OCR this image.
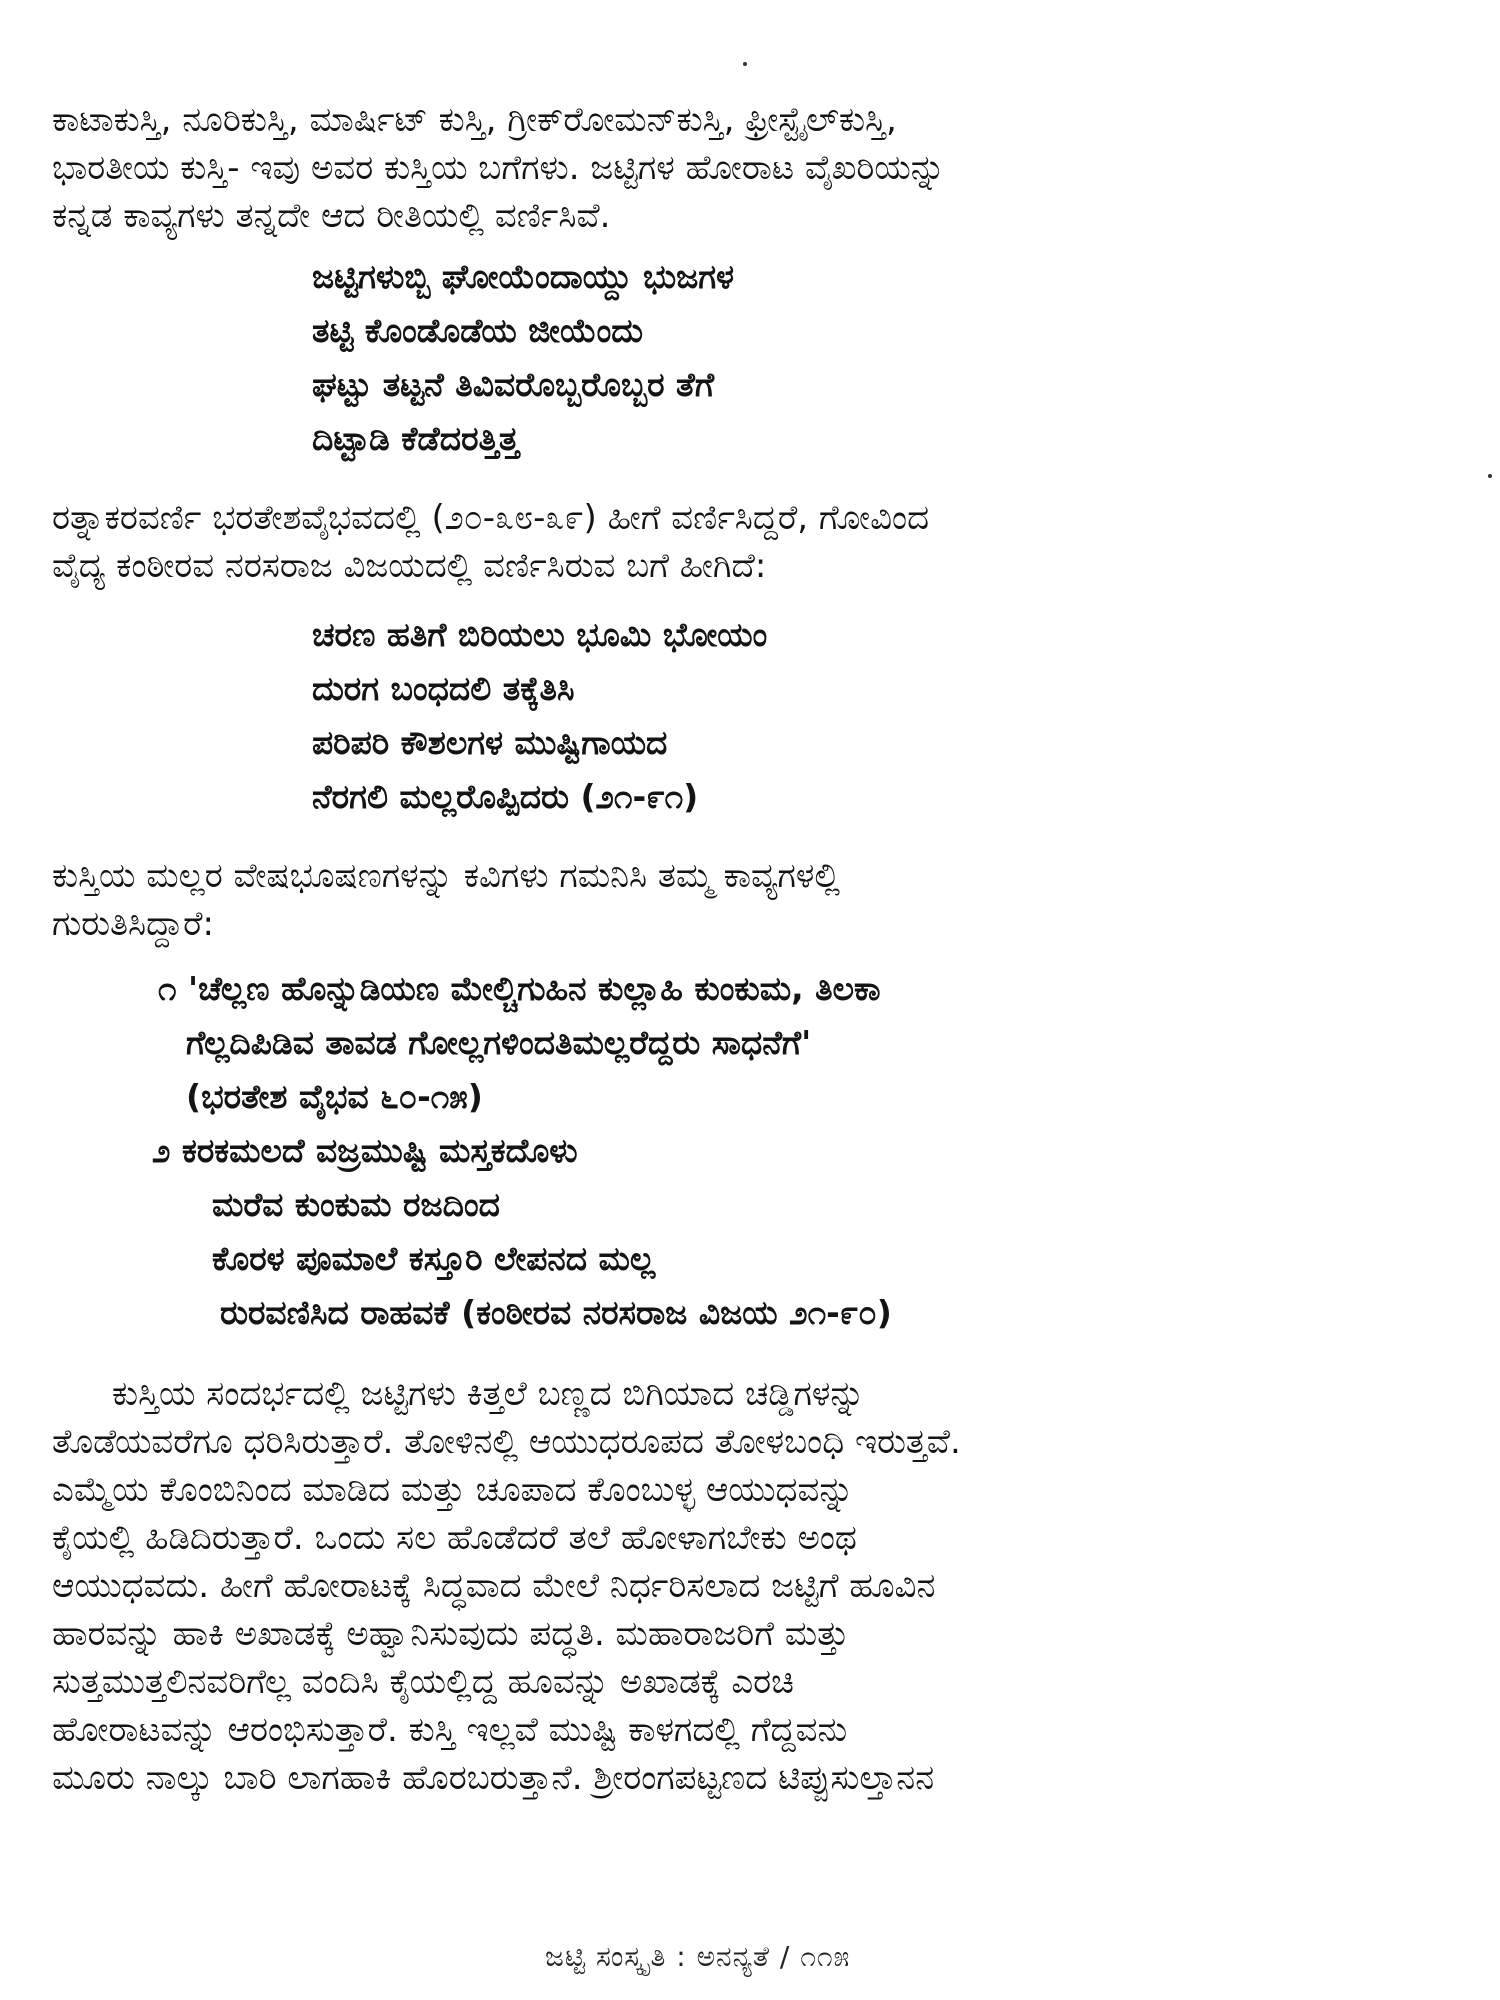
ಕಾಟಾಕುಸ್ತಿ, ನೂರಿಕುಸ್ತಿ, ಮಾರ್ಷಿಟ್ ಕುಸ್ತಿ, ಗ್ರೀಕ್‌ರೋಮನ್‌ಕುಸ್ತಿ, ಫ್ರೀಸ್ಟೈಲ್‌ಕುಸ್ತಿ,
ಭಾರತೀಯ ಕುಸ್ತಿ- ಇವು ಅವರ ಕುಸ್ತಿಯ ಬಗೆಗಳು. ಜಟ್ಟಿಗಳ ಹೋರಾಟ ವೈಖರಿಯನ್ನು
ಕನ್ನಡ ಕಾವ್ಯಗಳು ತನ್ನದೇ ಆದ ರೀತಿಯಲ್ಲಿ ವರ್ಣಿಸಿವೆ.
ಜಟ್ಟಿಗಳುಬ್ಬಿ ಘೋಯೆಂದಾಯ್ದು ಭುಜಗಳ
ತಟ್ಟಿ ಕೊಂಡೊಡೆಯ ಜೀಯೆಂದು
ಘಟ್ಟು ತಟ್ಟನೆ ತಿವಿವರೊಬ್ಬರೊಬ್ಬರ ತೆಗೆ
ದಿಟ್ಟಾಡಿ ಕೆಡೆದರತ್ತಿತ್ತ
ರತ್ನಾಕರವರ್ಣಿ ಭರತೇಶವೈಭವದಲ್ಲಿ (೨೦-೩೮-೩೯) ಹೀಗೆ ವರ್ಣಿಸಿದ್ದರೆ, ಗೋವಿಂದ
ವೈದ್ಯ ಕಂಠೀರವ ನರಸರಾಜ ವಿಜಯದಲ್ಲಿ ವರ್ಣಿಸಿರುವ ಬಗೆ ಹೀಗಿದೆ:
ಚರಣ ಹತಿಗೆ ಬಿರಿಯಲು ಭೂಮಿ ಭೋಯಂ
ದುರಗ ಬಂಧದಲಿ ತಕ್ಕೆತಿಸಿ
ಪರಿಪರಿ ಕೌಶಲಗಳ ಮುಷ್ಟಿಗಾಯದ
ನೆರಗಲಿ ಮಲ್ಲರೊಪ್ಪಿದರು (೨೧-೯೧)
ಕುಸ್ತಿಯ ಮಲ್ಲರ ವೇಷಭೂಷಣಗಳನ್ನು ಕವಿಗಳು ಗಮನಿಸಿ ತಮ್ಮ ಕಾವ್ಯಗಳಲ್ಲಿ
ಗುರುತಿಸಿದ್ದಾರೆ:
೧ 'ಚೆಲ್ಲಣ ಹೊನ್ನುಡಿಯಣ ಮೇಲ್ಚಿಗುಹಿನ ಕುಲ್ಲಾಹಿ ಕುಂಕುಮ, ತಿಲಕಾ
ಗೆಲ್ಲದಿಪಿಡಿವ ತಾವಡ ಗೋಲ್ಲಗಳಿಂದತಿಮಲ್ಲರೆದ್ದರು ಸಾಧನೆಗೆ'
(ಭರತೇಶ ವೈಭವ ೬೦-೧೫)
೨ ಕರಕಮಲದೆ ವಜ್ರಮುಷ್ಟಿ ಮಸ್ತಕದೊಳು
ಮರೆವ ಕುಂಕುಮ ರಜದಿಂದ
ಕೊರಳ ಪೂಮಾಲೆ ಕಸ್ತೂರಿ ಲೇಪನದ ಮಲ್ಲ
ರುರವಣಿಸಿದ ರಾಹವಕೆ (ಕಂಠೀರವ ನರಸರಾಜ ವಿಜಯ ೨೧-೯೦)
ಕುಸ್ತಿಯ ಸಂದರ್ಭದಲ್ಲಿ ಜಟ್ಟಿಗಳು ಕಿತ್ತಲೆ ಬಣ್ಣದ ಬಿಗಿಯಾದ ಚಡ್ಡಿಗಳನ್ನು
ತೊಡೆಯವರೆಗೂ ಧರಿಸಿರುತ್ತಾರೆ. ತೋಳಿನಲ್ಲಿ ಆಯುಧರೂಪದ ತೋಳಬಂಧಿ ಇರುತ್ತವೆ.
ಎಮ್ಮೆಯ ಕೊಂಬಿನಿಂದ ಮಾಡಿದ ಮತ್ತು ಚೂಪಾದ ಕೊಂಬುಳ್ಳ ಆಯುಧವನ್ನು
ಕೈಯಲ್ಲಿ ಹಿಡಿದಿರುತ್ತಾರೆ. ಒಂದು ಸಲ ಹೊಡೆದರೆ ತಲೆ ಹೋಳಾಗಬೇಕು ಅಂಥ
ಆಯುಧವದು. ಹೀಗೆ ಹೋರಾಟಕ್ಕೆ ಸಿದ್ಧವಾದ ಮೇಲೆ ನಿರ್ಧರಿಸಲಾದ ಜಟ್ಟಿಗೆ ಹೂವಿನ
ಹಾರವನ್ನು ಹಾಕಿ ಅಖಾಡಕ್ಕೆ ಅಹ್ವಾನಿಸುವುದು ಪದ್ಧತಿ. ಮಹಾರಾಜರಿಗೆ ಮತ್ತು
ಸುತ್ತಮುತ್ತಲಿನವರಿಗೆಲ್ಲ ವಂದಿಸಿ ಕೈಯಲ್ಲಿದ್ದ ಹೂವನ್ನು ಅಖಾಡಕ್ಕೆ ಎರಚಿ
ಹೋರಾಟವನ್ನು ಆರಂಭಿಸುತ್ತಾರೆ. ಕುಸ್ತಿ ಇಲ್ಲವೆ ಮುಷ್ಟಿ ಕಾಳಗದಲ್ಲಿ ಗೆದ್ದವನು
ಮೂರು ನಾಲ್ಕು ಬಾರಿ ಲಾಗಹಾಕಿ ಹೊರಬರುತ್ತಾನೆ. ಶ್ರೀರಂಗಪಟ್ಟಣದ ಟಿಪ್ಪುಸುಲ್ತಾನನ
ಜಟ್ಟಿ ಸಂಸ್ಕೃತಿ : ಅನನ್ಯತೆ / ೧೧೫
